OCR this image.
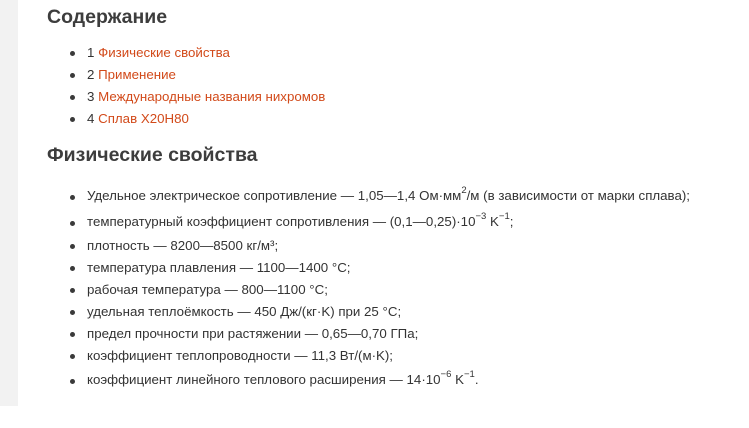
Содержание
1 Физические свойства
2 Применение
3 Международные названия нихромов
4 Сплав Х20Н80
Физические свойства
Удельное электрическое сопротивление — 1,05—1,4 $Ом\cdot мм^2/м$ (в зависимости от марки сплава);
температурный коэффициент сопротивления — $(0,1—0,25)\cdot 10^{-3}$ $K^{-1}$;
плотность — 8200—8500 кг/м³;
температура плавления — 1100—1400 °C;
рабочая температура — 800—1100 °C;
удельная теплоёмкость — 450 Дж/(кг·K) при 25 °C;
предел прочности при растяжении — 0,65—0,70 ГПа;
коэффициент теплопроводности — 11,3 Вт/(м·K);
коэффициент линейного теплового расширения — $14\cdot 10^{-6}$ $K^{-1}$.
